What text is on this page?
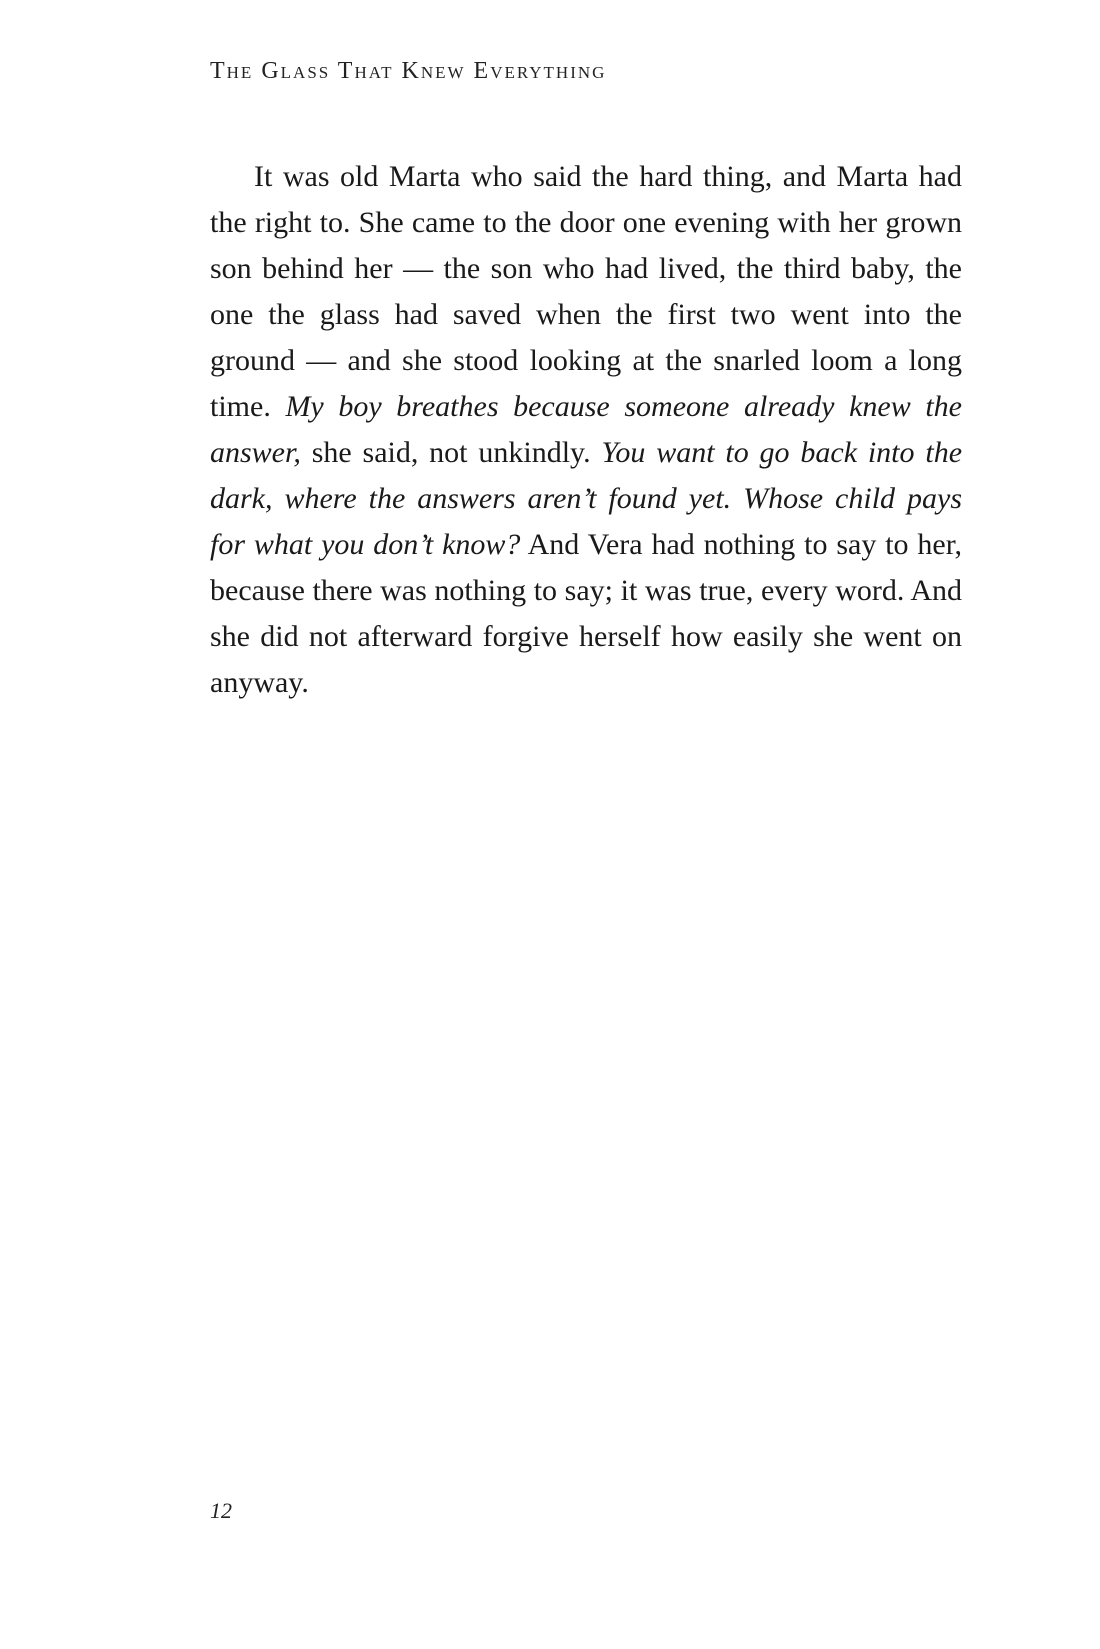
The Glass That Knew Everything

It was old Marta who said the hard thing, and Marta had the right to. She came to the door one evening with her grown son behind her — the son who had lived, the third baby, the one the glass had saved when the first two went into the ground — and she stood looking at the snarled loom a long time. My boy breathes because someone already knew the answer, she said, not unkindly. You want to go back into the dark, where the answers aren’t found yet. Whose child pays for what you don’t know? And Vera had nothing to say to her, because there was nothing to say; it was true, every word. And she did not afterward forgive herself how easily she went on anyway.

12
